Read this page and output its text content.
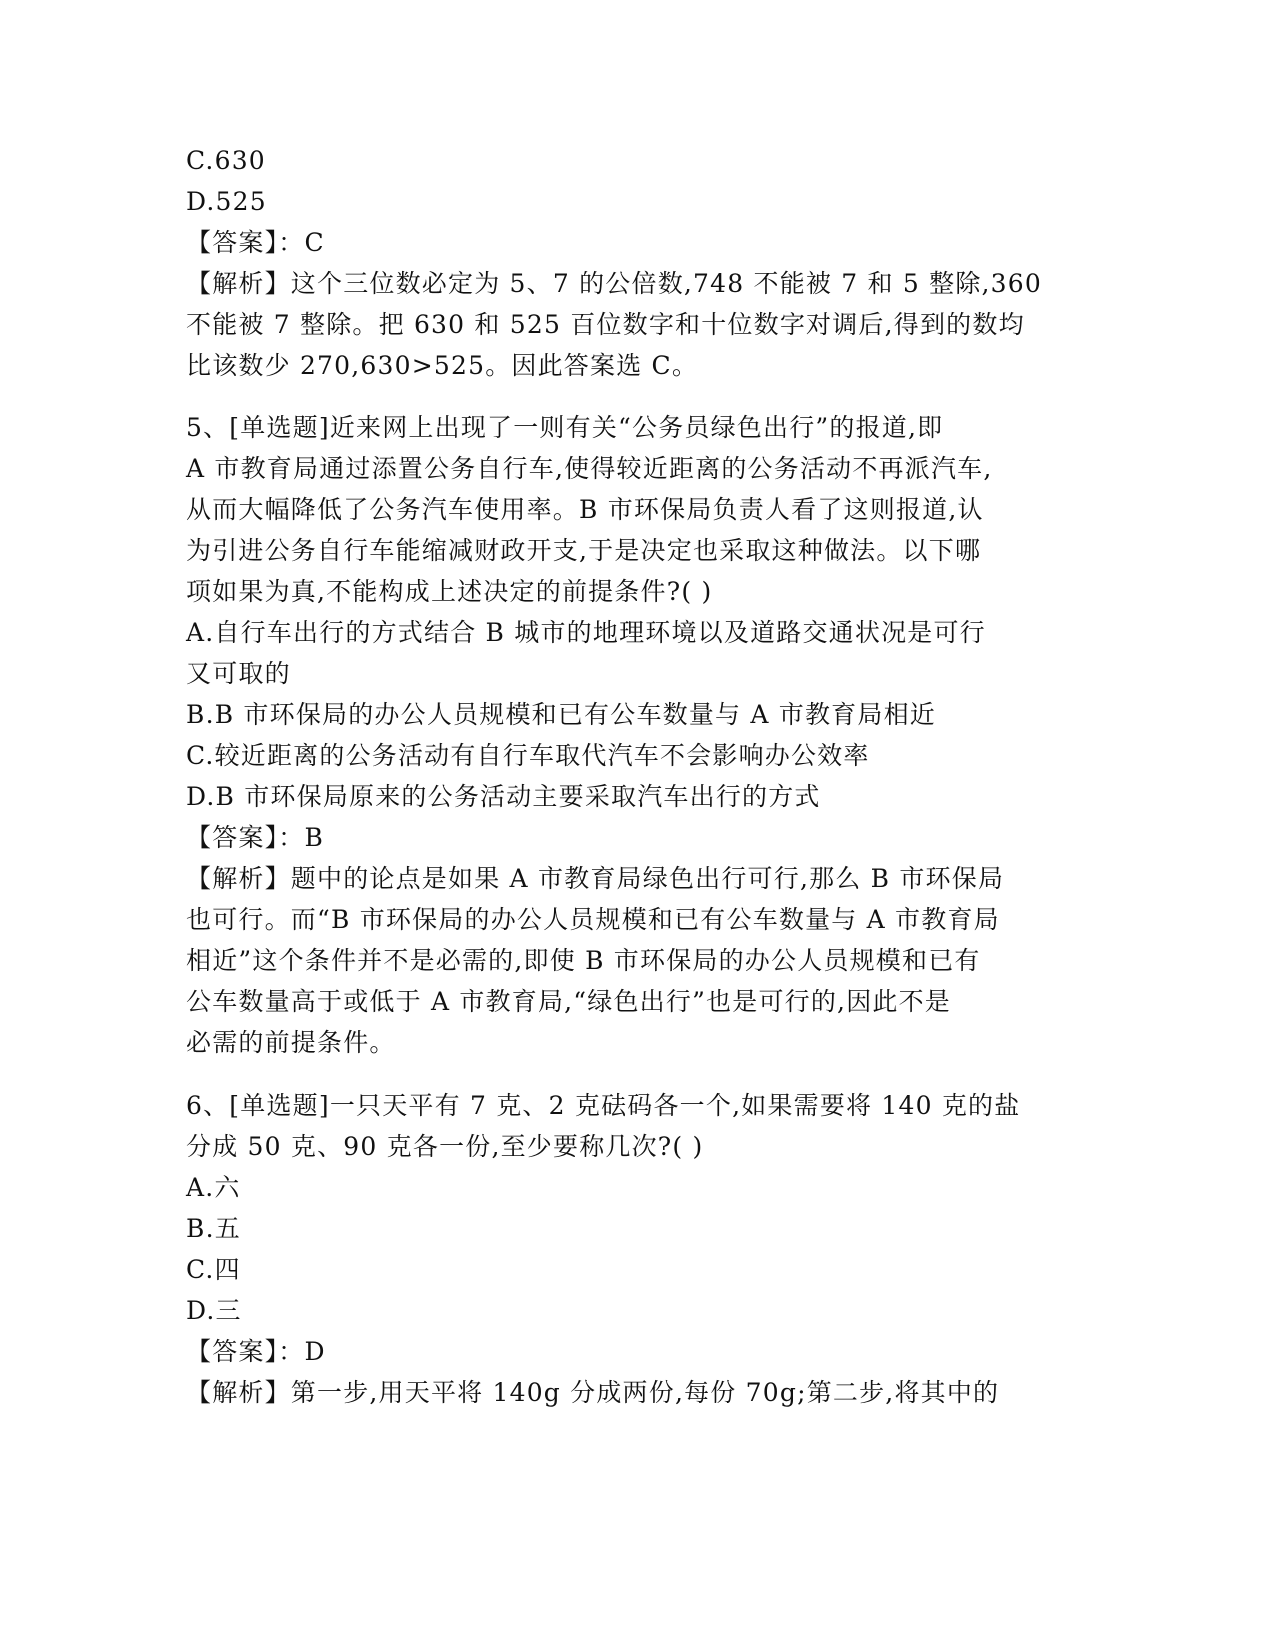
C.630

D.525

【答案】：C

【解析】这个三位数必定为 5、7 的公倍数,748 不能被 7 和 5 整除,360

不能被 7 整除。把 630 和 525 百位数字和十位数字对调后,得到的数均

比该数少 270,630>525。因此答案选 C。

5、[单选题]近来网上出现了一则有关“公务员绿色出行”的报道,即

A 市教育局通过添置公务自行车,使得较近距离的公务活动不再派汽车,

从而大幅降低了公务汽车使用率。B 市环保局负责人看了这则报道,认

为引进公务自行车能缩减财政开支,于是决定也采取这种做法。以下哪

项如果为真,不能构成上述决定的前提条件?( )

A.自行车出行的方式结合 B 城市的地理环境以及道路交通状况是可行

又可取的

B.B 市环保局的办公人员规模和已有公车数量与 A 市教育局相近

C.较近距离的公务活动有自行车取代汽车不会影响办公效率

D.B 市环保局原来的公务活动主要采取汽车出行的方式

【答案】：B

【解析】题中的论点是如果 A 市教育局绿色出行可行,那么 B 市环保局

也可行。而“B 市环保局的办公人员规模和已有公车数量与 A 市教育局

相近”这个条件并不是必需的,即使 B 市环保局的办公人员规模和已有

公车数量高于或低于 A 市教育局,“绿色出行”也是可行的,因此不是

必需的前提条件。

6、[单选题]一只天平有 7 克、2 克砝码各一个,如果需要将 140 克的盐

分成 50 克、90 克各一份,至少要称几次?( )

A.六

B.五

C.四

D.三

【答案】：D

【解析】第一步,用天平将 140g 分成两份,每份 70g;第二步,将其中的
